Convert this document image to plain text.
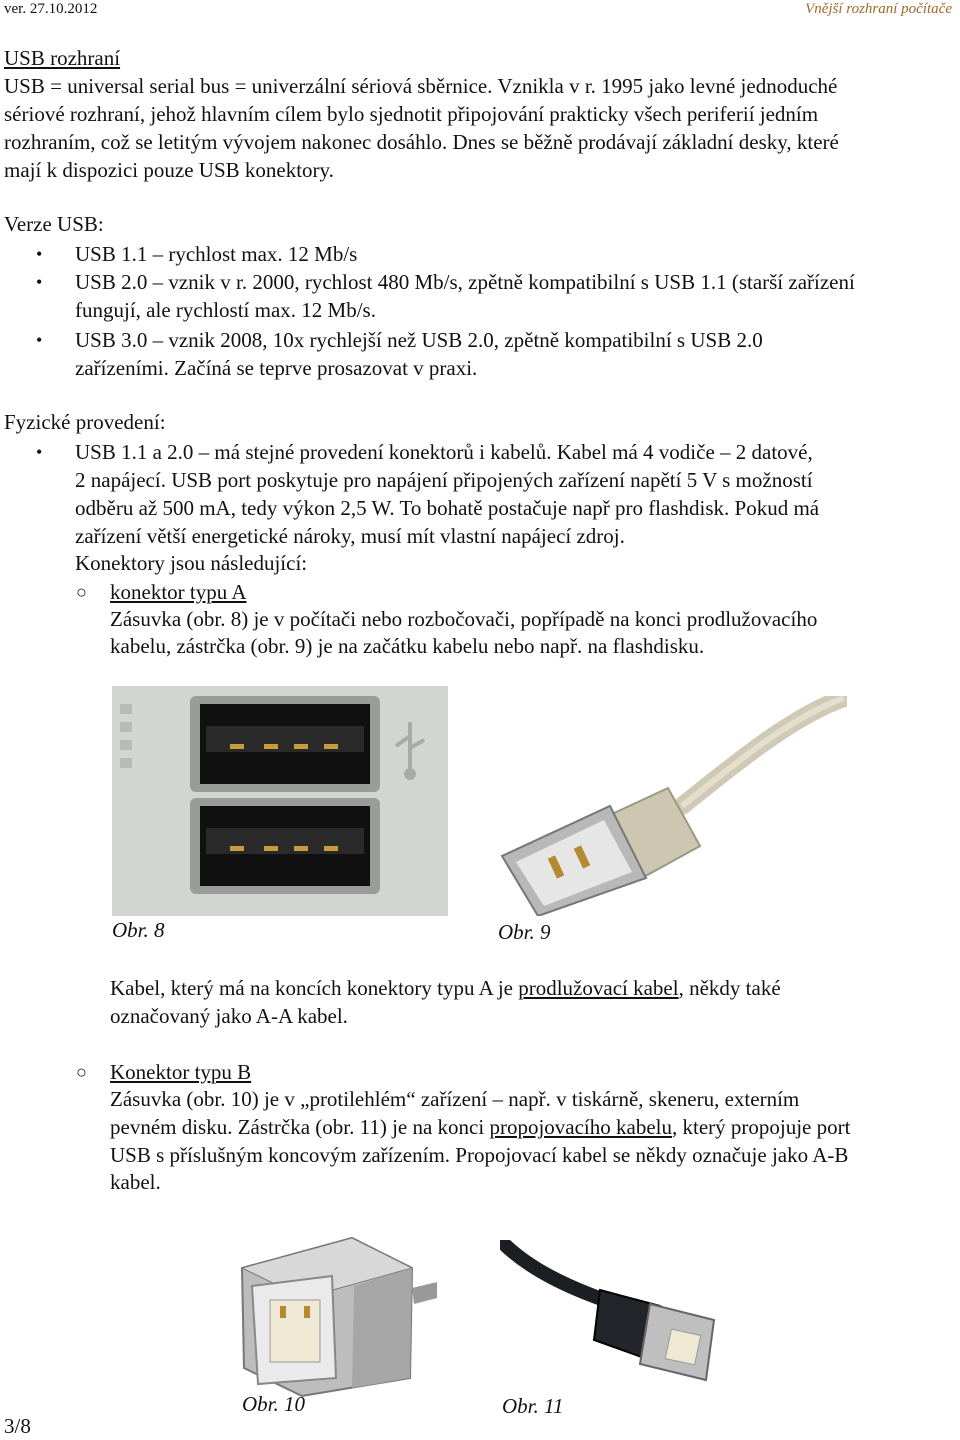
ver. 27.10.2012	Vnější rozhraní počítače
USB rozhraní
USB = universal serial bus = univerzální sériová sběrnice. Vznikla v r. 1995 jako levné jednoduché
sériové rozhraní, jehož hlavním cílem bylo sjednotit připojování prakticky všech periferií jedním
rozhraním, což se letitým vývojem nakonec dosáhlo. Dnes se běžně prodávají základní desky, které
mají k dispozici pouze USB konektory.
Verze USB:
• USB 1.1 – rychlost max. 12 Mb/s
• USB 2.0 – vznik v r. 2000, rychlost 480 Mb/s, zpětně kompatibilní s USB 1.1 (starší zařízení
fungují, ale rychlostí max. 12 Mb/s.
• USB 3.0 – vznik 2008, 10x rychlejší než USB 2.0, zpětně kompatibilní s USB 2.0
zařízeními. Začíná se teprve prosazovat v praxi.
Fyzické provedení:
• USB 1.1 a 2.0 – má stejné provedení konektorů i kabelů. Kabel má 4 vodiče – 2 datové,
2 napájecí. USB port poskytuje pro napájení připojených zařízení napětí 5 V s možností
odběru až 500 mA, tedy výkon 2,5 W. To bohatě postačuje např pro flashdisk. Pokud má
zařízení větší energetické nároky, musí mít vlastní napájecí zdroj.
Konektory jsou následující:
○ konektor typu A
Zásuvka (obr. 8) je v počítači nebo rozbočovači, popřípadě na konci prodlužovacího
kabelu, zástrčka (obr. 9) je na začátku kabelu nebo např. na flashdisku.
Obr. 8	Obr. 9
Kabel, který má na koncích konektory typu A je prodlužovací kabel, někdy také
označovaný jako A-A kabel.
○ Konektor typu B
Zásuvka (obr. 10) je v „protilehlém“ zařízení – např. v tiskárně, skeneru, externím
pevném disku. Zástrčka (obr. 11) je na konci propojovacího kabelu, který propojuje port
USB s příslušným koncovým zařízením. Propojovací kabel se někdy označuje jako A-B
kabel.
Obr. 10	Obr. 11
3/8
